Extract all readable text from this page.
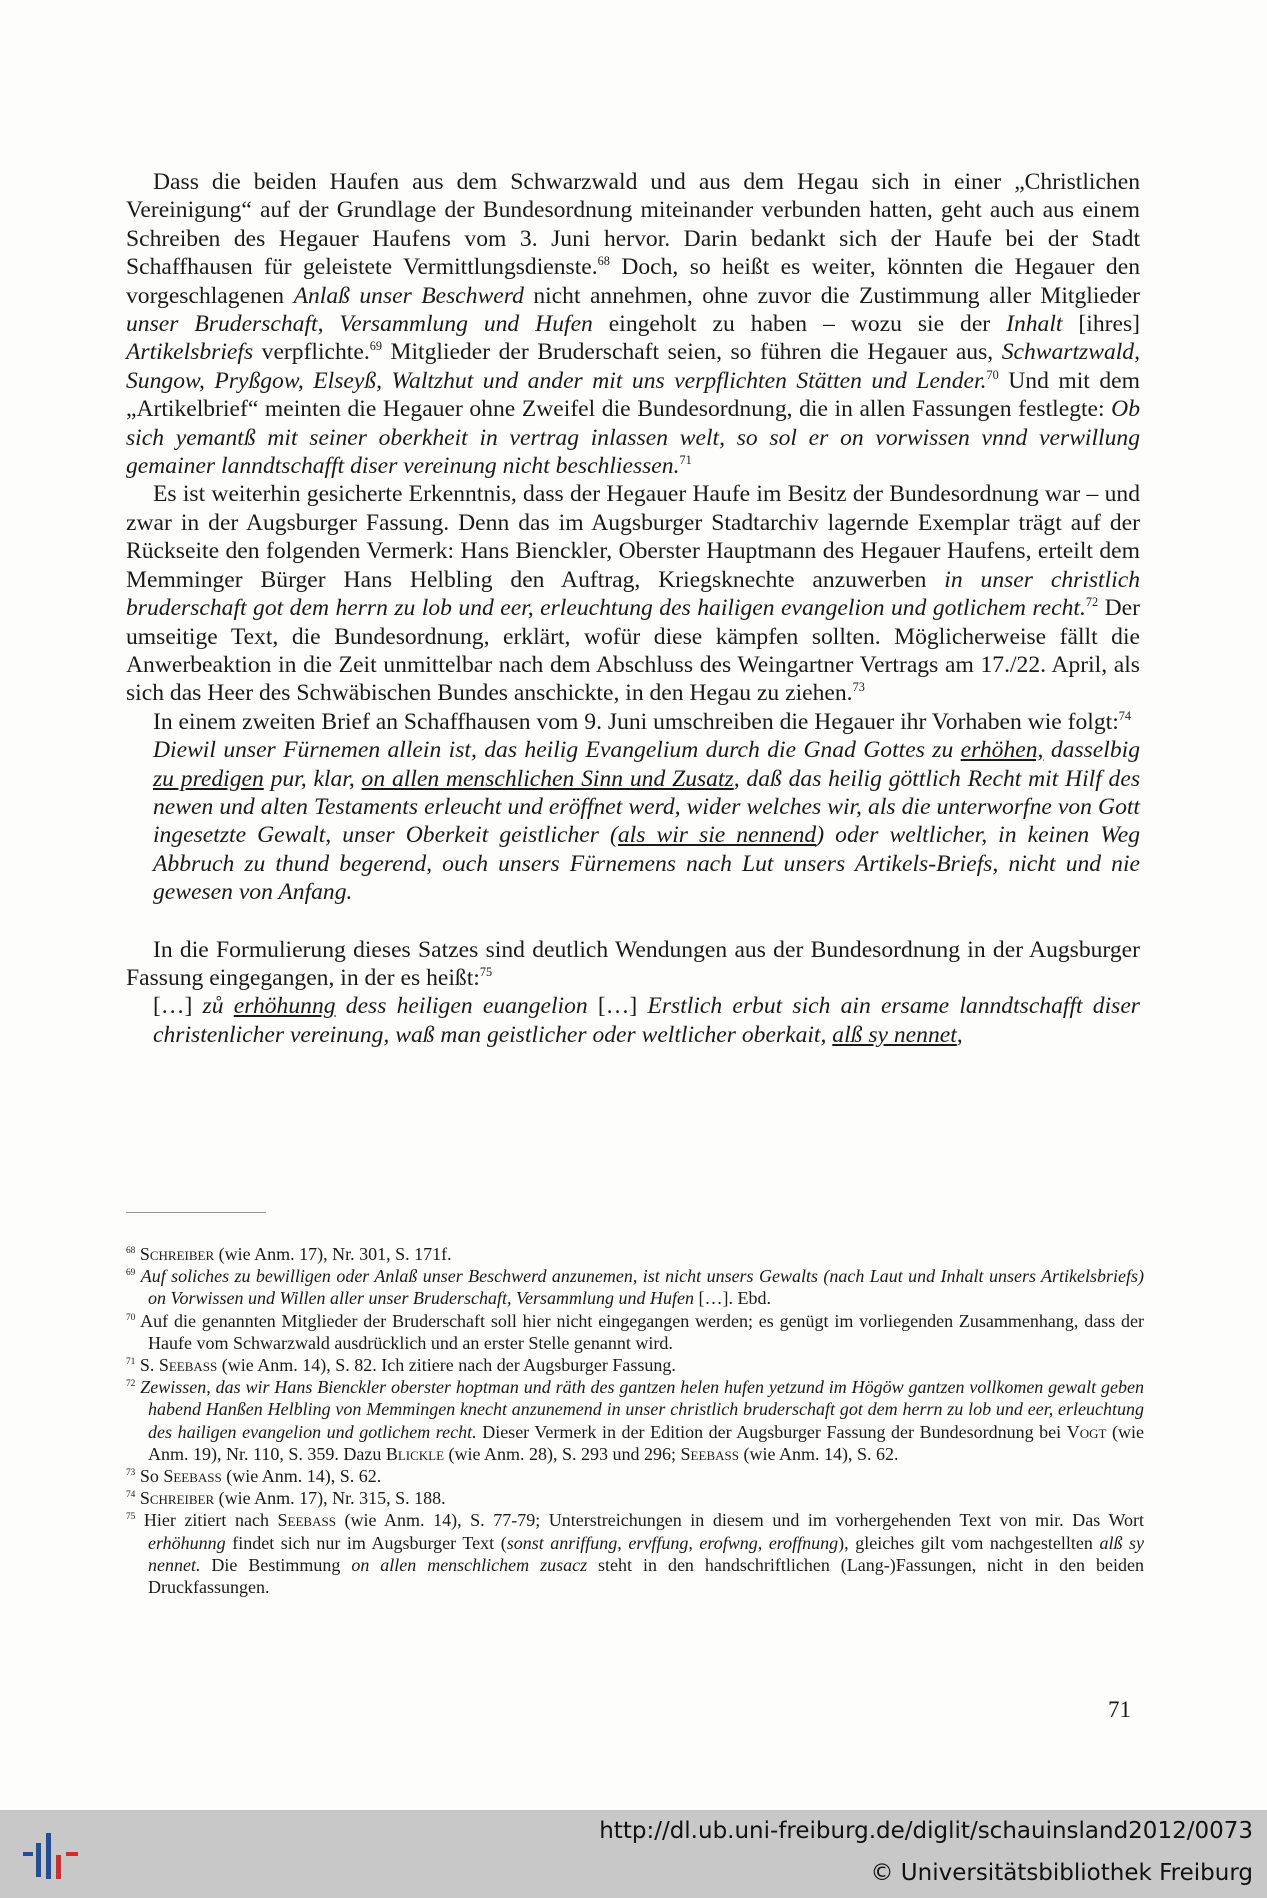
Dass die beiden Haufen aus dem Schwarzwald und aus dem Hegau sich in einer „Christlichen Vereinigung“ auf der Grundlage der Bundesordnung miteinander verbunden hatten, geht auch aus einem Schreiben des Hegauer Haufens vom 3. Juni hervor. Darin bedankt sich der Haufe bei der Stadt Schaffhausen für geleistete Vermittlungsdienste.$^{68}$ Doch, so heißt es weiter, könnten die Hegauer den vorgeschlagenen Anlaß unser Beschwerd nicht annehmen, ohne zuvor die Zustimmung aller Mitglieder unser Bruderschaft, Versammlung und Hufen eingeholt zu haben – wozu sie der Inhalt [ihres] Artikelsbriefs verpflichte.$^{69}$ Mitglieder der Bruderschaft seien, so führen die Hegauer aus, Schwartzwald, Sungow, Pryßgow, Elseyß, Waltzhut und ander mit uns verpflichten Stätten und Lender.$^{70}$ Und mit dem „Artikelbrief“ meinten die Hegauer ohne Zweifel die Bundesordnung, die in allen Fassungen festlegte: Ob sich yemantß mit seiner oberkheit in vertrag inlassen welt, so sol er on vorwissen vnnd verwillung gemainer lanndtschafft diser vereinung nicht beschliessen.$^{71}$

Es ist weiterhin gesicherte Erkenntnis, dass der Hegauer Haufe im Besitz der Bundesordnung war – und zwar in der Augsburger Fassung. Denn das im Augsburger Stadtarchiv lagernde Exemplar trägt auf der Rückseite den folgenden Vermerk: Hans Bienckler, Oberster Hauptmann des Hegauer Haufens, erteilt dem Memminger Bürger Hans Helbling den Auftrag, Kriegsknechte anzuwerben in unser christlich bruderschaft got dem herrn zu lob und eer, erleuchtung des hailigen evangelion und gotlichem recht.$^{72}$ Der umseitige Text, die Bundesordnung, erklärt, wofür diese kämpfen sollten. Möglicherweise fällt die Anwerbeaktion in die Zeit unmittelbar nach dem Abschluss des Weingartner Vertrags am 17./22. April, als sich das Heer des Schwäbischen Bundes anschickte, in den Hegau zu ziehen.$^{73}$

In einem zweiten Brief an Schaffhausen vom 9. Juni umschreiben die Hegauer ihr Vorhaben wie folgt:$^{74}$

Diewil unser Fürnemen allein ist, das heilig Evangelium durch die Gnad Gottes zu erhöhen, dasselbig zu predigen pur, klar, on allen menschlichen Sinn und Zusatz, daß das heilig göttlich Recht mit Hilf des newen und alten Testaments erleucht und eröffnet werd, wider welches wir, als die unterworfne von Gott ingesetzte Gewalt, unser Oberkeit geistlicher (als wir sie nennend) oder weltlicher, in keinen Weg Abbruch zu thund begerend, ouch unsers Fürnemens nach Lut unsers Artikels-Briefs, nicht und nie gewesen von Anfang.

In die Formulierung dieses Satzes sind deutlich Wendungen aus der Bundesordnung in der Augsburger Fassung eingegangen, in der es heißt:$^{75}$

[…] zů erhöhunng dess heiligen euangelion […] Erstlich erbut sich ain ersame lanndtschafft diser christenlicher vereinung, waß man geistlicher oder weltlicher oberkait, alß sy nennet,

$^{68}$ Schreiber (wie Anm. 17), Nr. 301, S. 171f.

$^{69}$ Auf soliches zu bewilligen oder Anlaß unser Beschwerd anzunemen, ist nicht unsers Gewalts (nach Laut und Inhalt unsers Artikelsbriefs) on Vorwissen und Willen aller unser Bruderschaft, Versammlung und Hufen […]. Ebd.

$^{70}$ Auf die genannten Mitglieder der Bruderschaft soll hier nicht eingegangen werden; es genügt im vorliegenden Zusammenhang, dass der Haufe vom Schwarzwald ausdrücklich und an erster Stelle genannt wird.

$^{71}$ S. Seebaß (wie Anm. 14), S. 82. Ich zitiere nach der Augsburger Fassung.

$^{72}$ Zewissen, das wir Hans Bienckler oberster hoptman und räth des gantzen helen hufen yetzund im Högöw gantzen vollkomen gewalt geben habend Hanßen Helbling von Memmingen knecht anzunemend in unser christlich bruderschaft got dem herrn zu lob und eer, erleuchtung des hailigen evangelion und gotlichem recht. Dieser Vermerk in der Edition der Augsburger Fassung der Bundesordnung bei Vogt (wie Anm. 19), Nr. 110, S. 359. Dazu Blickle (wie Anm. 28), S. 293 und 296; Seebaß (wie Anm. 14), S. 62.

$^{73}$ So Seebaß (wie Anm. 14), S. 62.

$^{74}$ Schreiber (wie Anm. 17), Nr. 315, S. 188.

$^{75}$ Hier zitiert nach Seebaß (wie Anm. 14), S. 77-79; Unterstreichungen in diesem und im vorhergehenden Text von mir. Das Wort erhöhunng findet sich nur im Augsburger Text (sonst anriffung, ervffung, erofwng, eroffnung), gleiches gilt vom nachgestellten alß sy nennet. Die Bestimmung on allen menschlichem zusacz steht in den handschriftlichen (Lang-)Fassungen, nicht in den beiden Druckfassungen.

71
http://dl.ub.uni-freiburg.de/diglit/schauinsland2012/0073
© Universitätsbibliothek Freiburg
